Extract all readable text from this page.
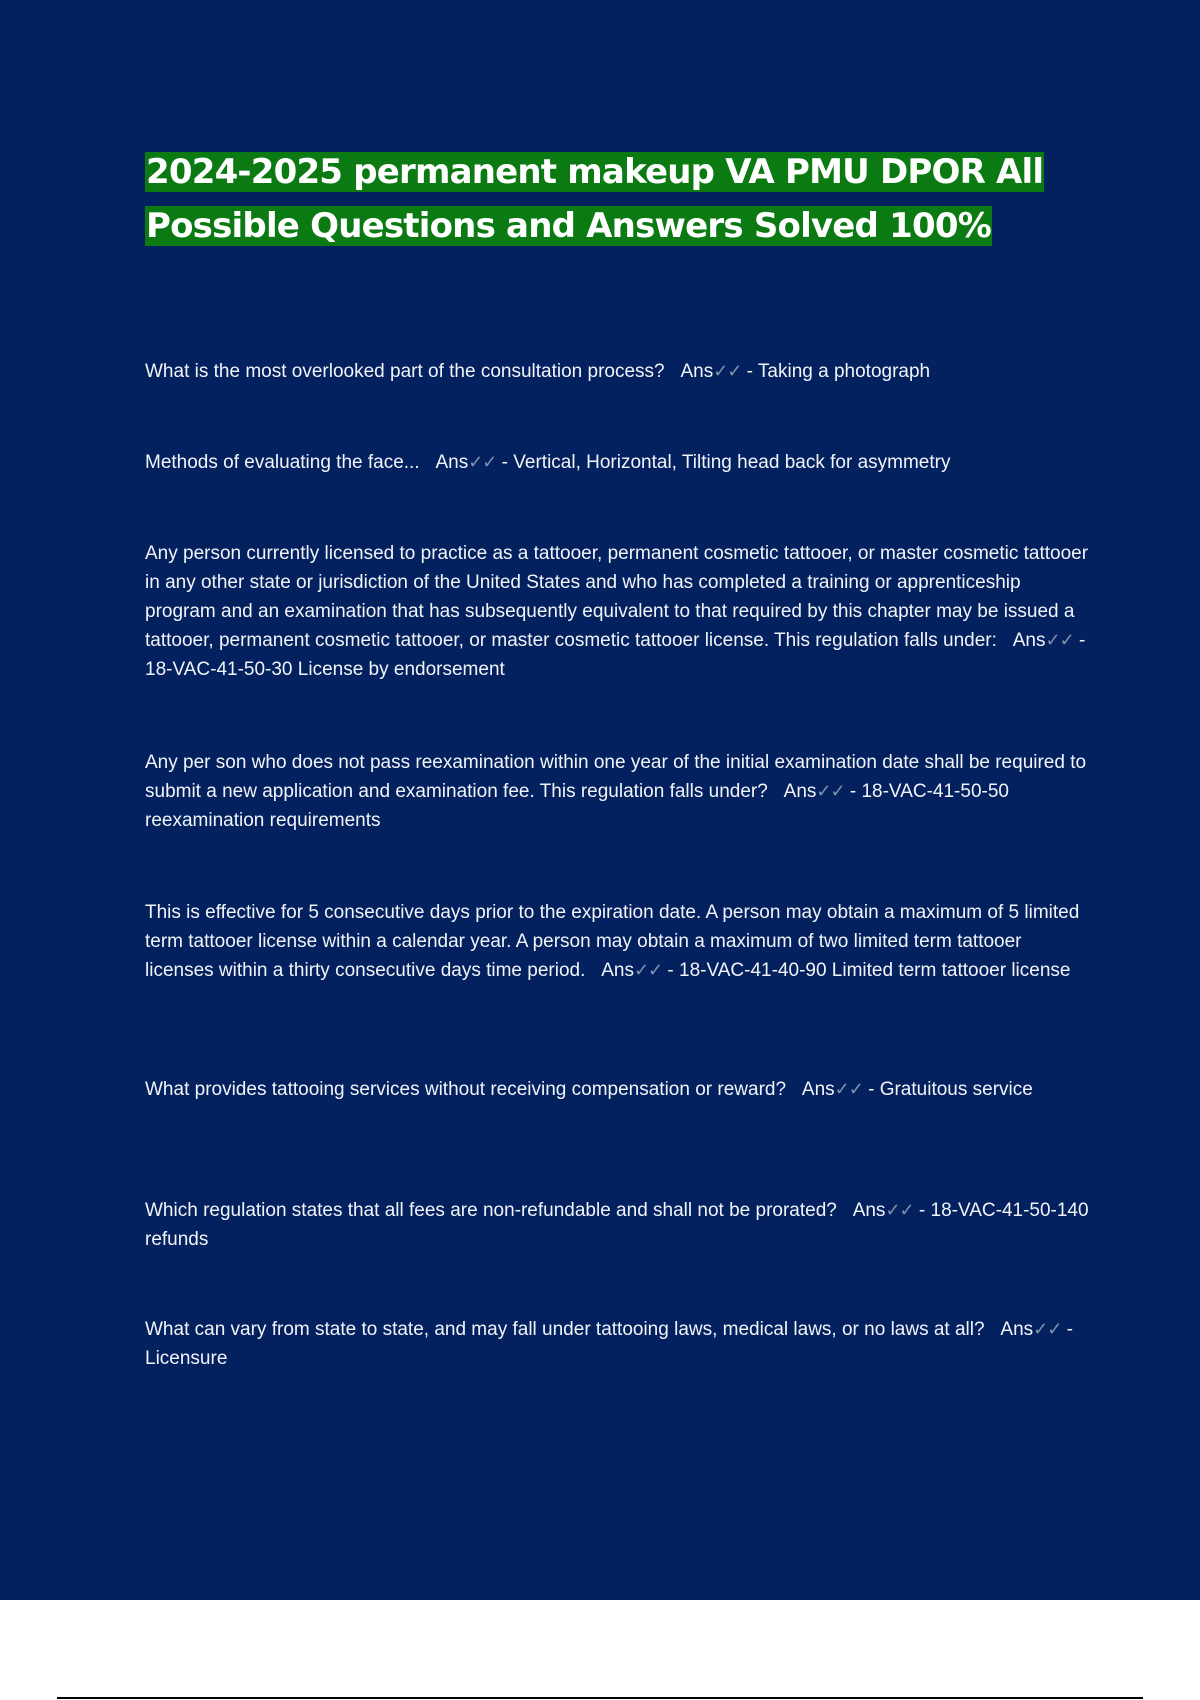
2024-2025 permanent makeup VA PMU DPOR All Possible Questions and Answers Solved 100%

What is the most overlooked part of the consultation process? Ans✓✓ - Taking a photograph

Methods of evaluating the face... Ans✓✓ - Vertical, Horizontal, Tilting head back for asymmetry

Any person currently licensed to practice as a tattooer, permanent cosmetic tattooer, or master cosmetic tattooer in any other state or jurisdiction of the United States and who has completed a training or apprenticeship program and an examination that has subsequently equivalent to that required by this chapter may be issued a tattooer, permanent cosmetic tattooer, or master cosmetic tattooer license. This regulation falls under: Ans✓✓ - 18-VAC-41-50-30 License by endorsement

Any per son who does not pass reexamination within one year of the initial examination date shall be required to submit a new application and examination fee. This regulation falls under? Ans✓✓ - 18-VAC-41-50-50 reexamination requirements

This is effective for 5 consecutive days prior to the expiration date. A person may obtain a maximum of 5 limited term tattooer license within a calendar year. A person may obtain a maximum of two limited term tattooer licenses within a thirty consecutive days time period. Ans✓✓ - 18-VAC-41-40-90 Limited term tattooer license

What provides tattooing services without receiving compensation or reward? Ans✓✓ - Gratuitous service

Which regulation states that all fees are non-refundable and shall not be prorated? Ans✓✓ - 18-VAC-41-50-140 refunds

What can vary from state to state, and may fall under tattooing laws, medical laws, or no laws at all? Ans✓✓ - Licensure
